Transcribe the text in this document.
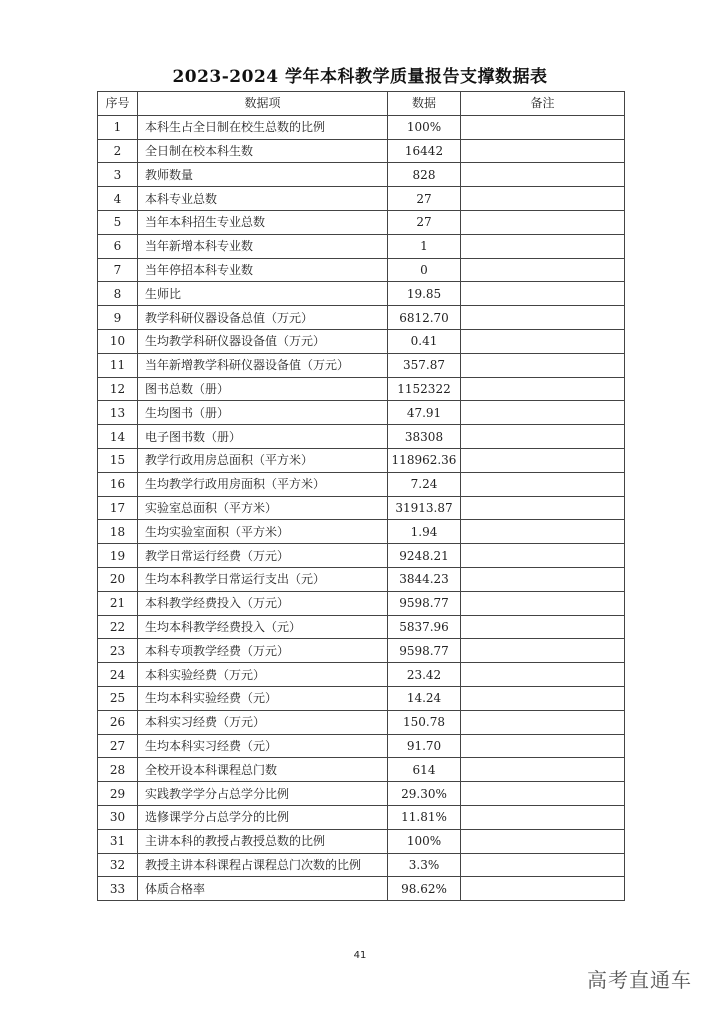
2023-2024 学年本科教学质量报告支撑数据表
序号	数据项	数据	备注
1	本科生占全日制在校生总数的比例	100%	
2	全日制在校本科生数	16442	
3	教师数量	828	
4	本科专业总数	27	
5	当年本科招生专业总数	27	
6	当年新增本科专业数	1	
7	当年停招本科专业数	0	
8	生师比	19.85	
9	教学科研仪器设备总值（万元）	6812.70	
10	生均教学科研仪器设备值（万元）	0.41	
11	当年新增教学科研仪器设备值（万元）	357.87	
12	图书总数（册）	1152322	
13	生均图书（册）	47.91	
14	电子图书数（册）	38308	
15	教学行政用房总面积（平方米）	118962.36	
16	生均教学行政用房面积（平方米）	7.24	
17	实验室总面积（平方米）	31913.87	
18	生均实验室面积（平方米）	1.94	
19	教学日常运行经费（万元）	9248.21	
20	生均本科教学日常运行支出（元）	3844.23	
21	本科教学经费投入（万元）	9598.77	
22	生均本科教学经费投入（元）	5837.96	
23	本科专项教学经费（万元）	9598.77	
24	本科实验经费（万元）	23.42	
25	生均本科实验经费（元）	14.24	
26	本科实习经费（万元）	150.78	
27	生均本科实习经费（元）	91.70	
28	全校开设本科课程总门数	614	
29	实践教学学分占总学分比例	29.30%	
30	选修课学分占总学分的比例	11.81%	
31	主讲本科的教授占教授总数的比例	100%	
32	教授主讲本科课程占课程总门次数的比例	3.3%	
33	体质合格率	98.62%	
41
高考直通车
